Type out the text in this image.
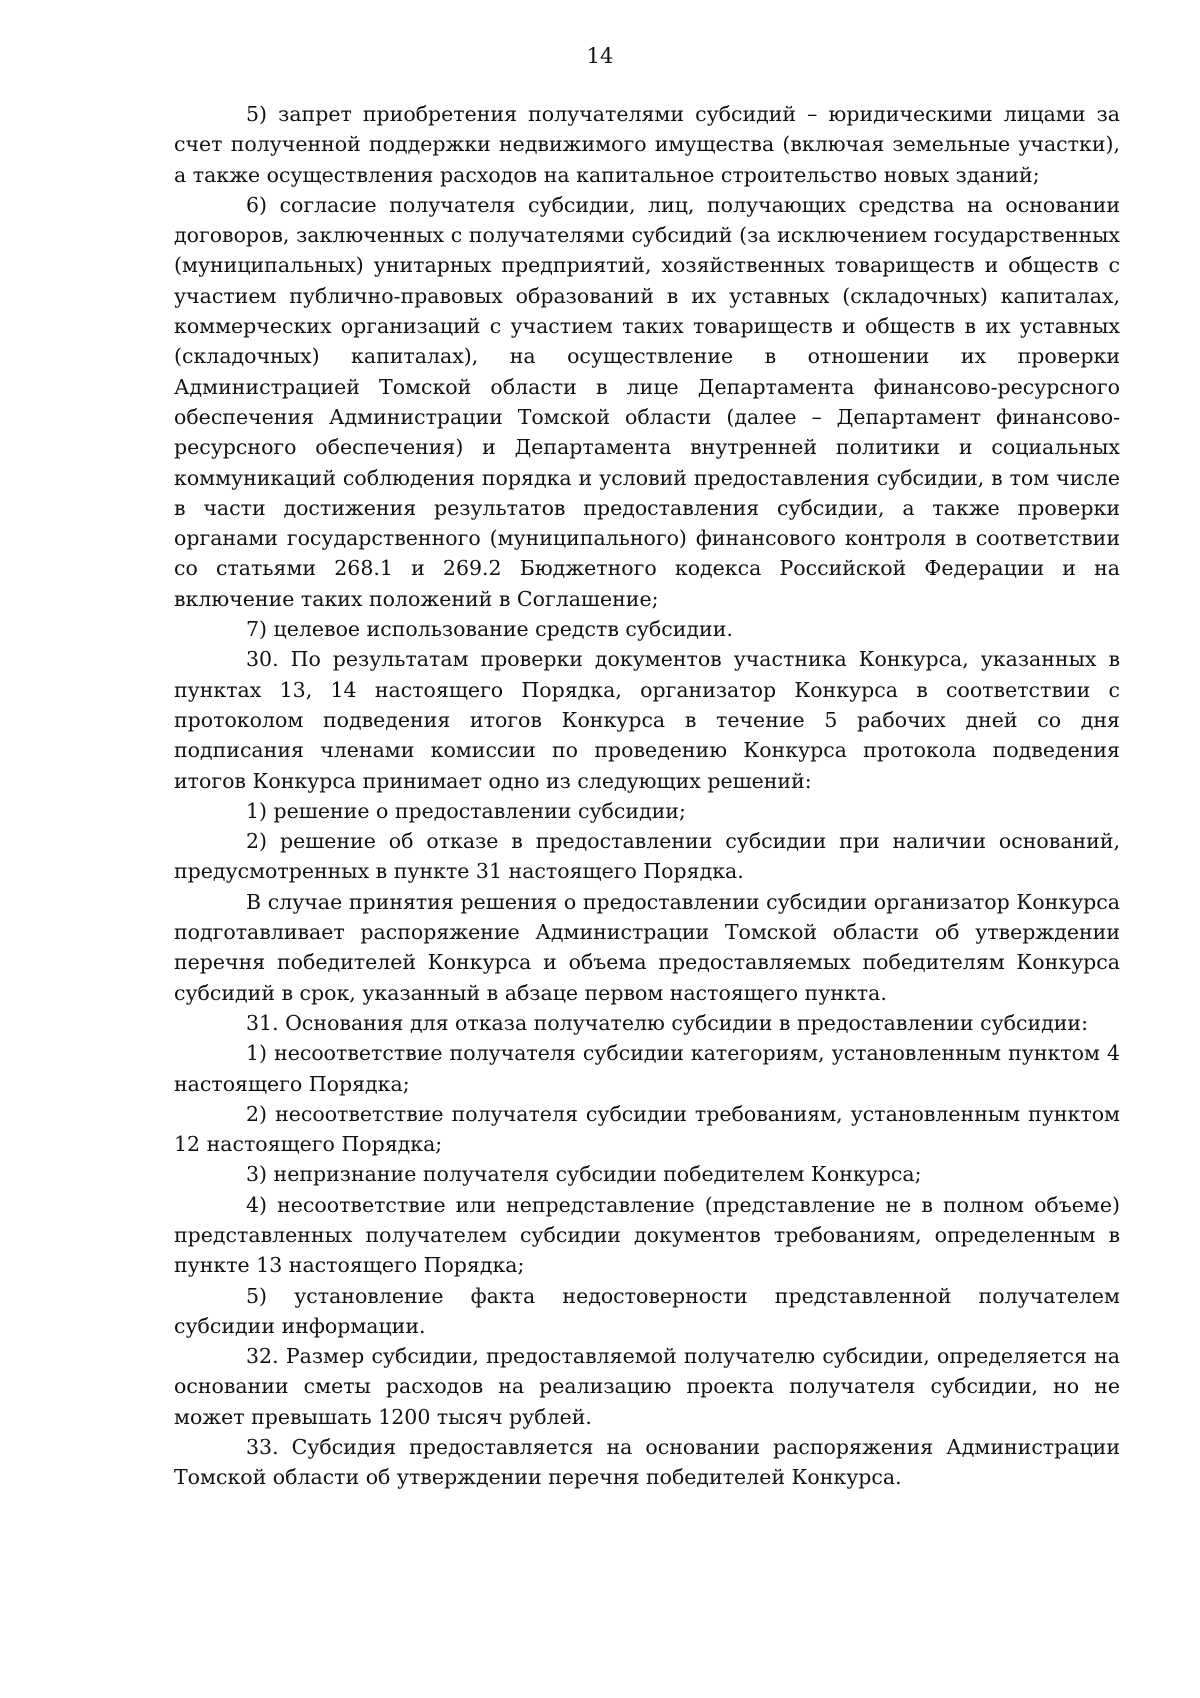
14

5) запрет приобретения получателями субсидий – юридическими лицами за счет полученной поддержки недвижимого имущества (включая земельные участки), а также осуществления расходов на капитальное строительство новых зданий;

6) согласие получателя субсидии, лиц, получающих средства на основании договоров, заключенных с получателями субсидий (за исключением государственных (муниципальных) унитарных предприятий, хозяйственных товариществ и обществ с участием публично-правовых образований в их уставных (складочных) капиталах, коммерческих организаций с участием таких товариществ и обществ в их уставных (складочных) капиталах), на осуществление в отношении их проверки Администрацией Томской области в лице Департамента финансово-ресурсного обеспечения Администрации Томской области (далее – Департамент финансово-ресурсного обеспечения) и Департамента внутренней политики и социальных коммуникаций соблюдения порядка и условий предоставления субсидии, в том числе в части достижения результатов предоставления субсидии, а также проверки органами государственного (муниципального) финансового контроля в соответствии со статьями 268.1 и 269.2 Бюджетного кодекса Российской Федерации и на включение таких положений в Соглашение;

7) целевое использование средств субсидии.

30. По результатам проверки документов участника Конкурса, указанных в пунктах 13, 14 настоящего Порядка, организатор Конкурса в соответствии с протоколом подведения итогов Конкурса в течение 5 рабочих дней со дня подписания членами комиссии по проведению Конкурса протокола подведения итогов Конкурса принимает одно из следующих решений:

1) решение о предоставлении субсидии;

2) решение об отказе в предоставлении субсидии при наличии оснований, предусмотренных в пункте 31 настоящего Порядка.

В случае принятия решения о предоставлении субсидии организатор Конкурса подготавливает распоряжение Администрации Томской области об утверждении перечня победителей Конкурса и объема предоставляемых победителям Конкурса субсидий в срок, указанный в абзаце первом настоящего пункта.

31. Основания для отказа получателю субсидии в предоставлении субсидии:

1) несоответствие получателя субсидии категориям, установленным пунктом 4 настоящего Порядка;

2) несоответствие получателя субсидии требованиям, установленным пунктом 12 настоящего Порядка;

3) непризнание получателя субсидии победителем Конкурса;

4) несоответствие или непредставление (представление не в полном объеме) представленных получателем субсидии документов требованиям, определенным в пункте 13 настоящего Порядка;

5) установление факта недостоверности представленной получателем субсидии информации.

32. Размер субсидии, предоставляемой получателю субсидии, определяется на основании сметы расходов на реализацию проекта получателя субсидии, но не может превышать 1200 тысяч рублей.

33. Субсидия предоставляется на основании распоряжения Администрации Томской области об утверждении перечня победителей Конкурса.
